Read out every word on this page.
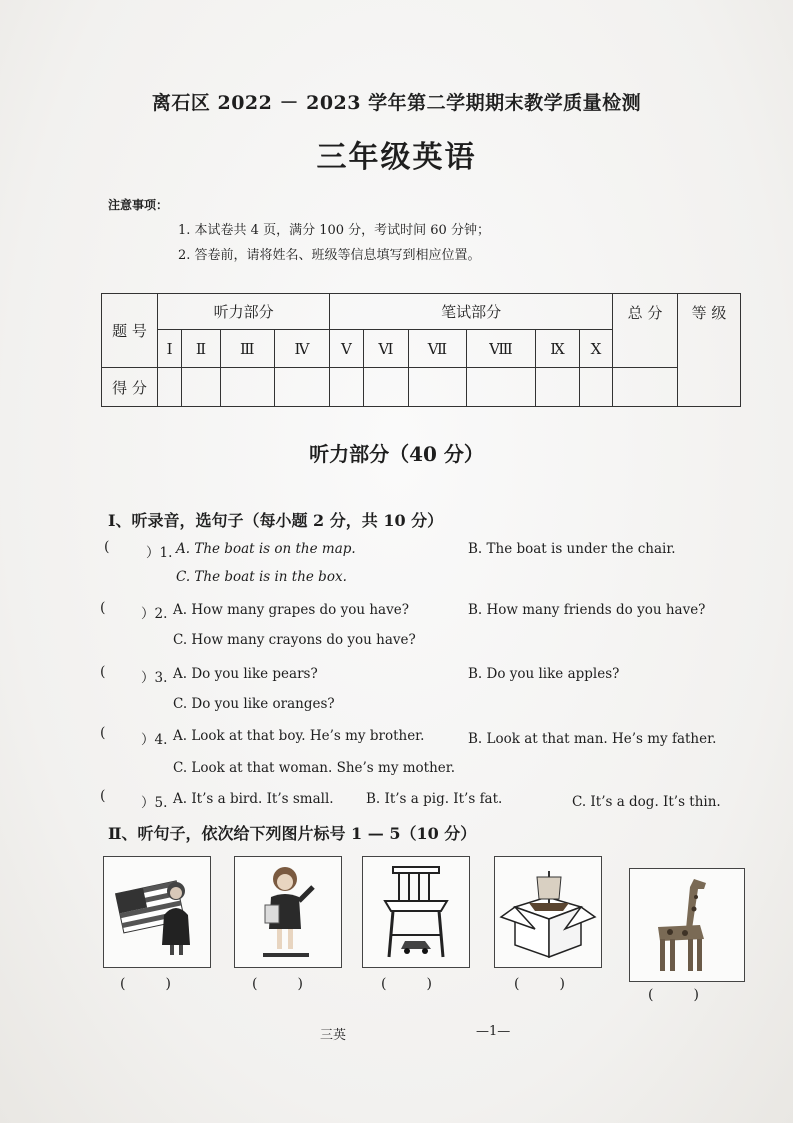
离石区 2022 － 2023 学年第二学期期末教学质量检测
三年级英语
注意事项：
1. 本试卷共 4 页，满分 100 分，考试时间 60 分钟；
2. 答卷前，请将姓名、班级等信息填写到相应位置。
题 号	听力部分				笔试部分						总 分	等 级
	Ⅰ	Ⅱ	Ⅲ	Ⅳ	Ⅴ	Ⅵ	Ⅶ	Ⅷ	Ⅸ	Ⅹ		
得 分												
听力部分（40 分）
Ⅰ、听录音，选句子（每小题 2 分，共 10 分）
(	）1. A. The boat is on the map.	B. The boat is under the chair.
C. The boat is in the box.
(	）2. A. How many grapes do you have?	B. How many friends do you have?
C. How many crayons do you have?
(	）3. A. Do you like pears?	B. Do you like apples?
C. Do you like oranges?
(	）4. A. Look at that boy. He’s my brother.	B. Look at that man. He’s my father.
C. Look at that woman. She’s my mother.
(	）5. A. It’s a bird. It’s small. B. It’s a pig. It’s fat.	C. It’s a dog. It’s thin.
Ⅱ、听句子，依次给下列图片标号 1 — 5（10 分）
(         )	(         )	(         )	(         )
(         )
三英	—1—
